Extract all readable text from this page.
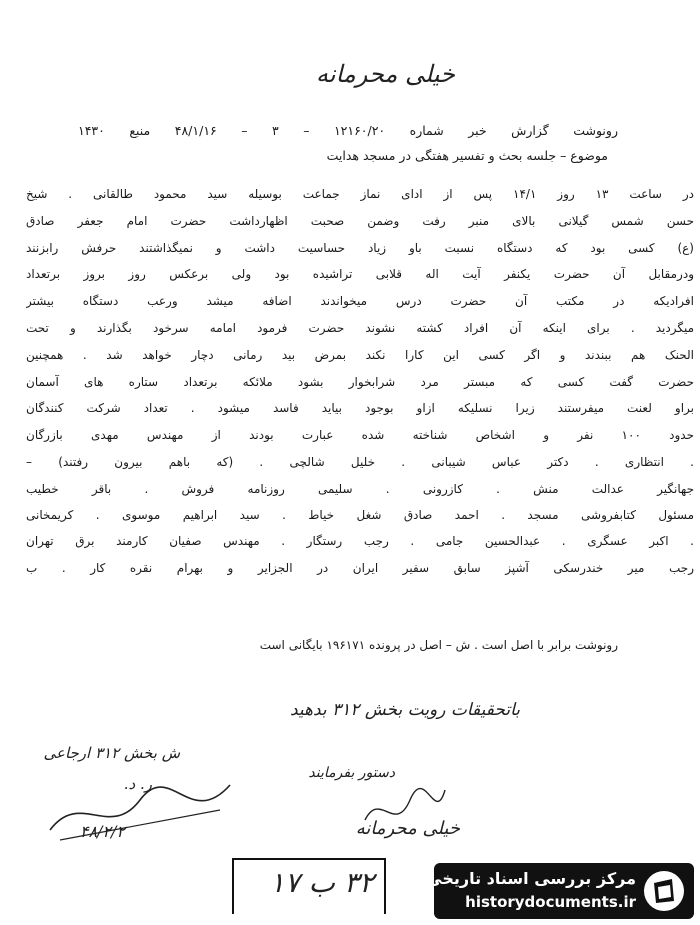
خیلی محرمانه
رونوشت گزارش خبر شماره ۱۲۱۶۰/۲۰ – ۳ – ۴۸/۱/۱۶ منبع ۱۴۳۰
موضوع – جلسه بحث و تفسیر هفتگی در مسجد هدایت
در ساعت ۱۳ روز ۱۴/۱ پس از ادای نماز جماعت بوسیله سید محمود طالقانی . شیخ
حسن شمس گیلانی بالای منبر رفت وضمن صحبت اظهارداشت حضرت امام جعفر صادق
(ع) کسی بود که دستگاه نسبت باو زیاد حساسیت داشت و نمیگذاشتند حرفش رابزنند
ودرمقابل آن حضرت یکنفر آیت اله قلابی تراشیده بود ولی برعکس روز بروز برتعداد
افرادیکه در مکتب آن حضرت درس میخواندند اضافه میشد ورعب دستگاه بیشتر
میگردید . برای اینکه آن افراد کشته نشوند حضرت فرمود امامه سرخود بگذارند و تحت
الحنک هم ببندند و اگر کسی این کارا نکند بمرض بید رمانی دچار خواهد شد . همچنین
حضرت گفت کسی که مبستر مرد شرابخوار بشود ملائکه برتعداد ستاره های آسمان
براو لعنت میفرستند زیرا نسلیکه ازاو بوجود بیاید فاسد میشود . تعداد شرکت کنندگان
حدود ۱۰۰ نفر و اشخاص شناخته شده عبارت بودند از مهندس مهدی بازرگان
. انتظاری . دکتر عباس شیبانی . خلیل شالچی . (که باهم بیرون رفتند) –
جهانگیر عدالت منش . کازرونی . سلیمی روزنامه فروش . باقر خطیب
مسئول کتابفروشی مسجد . احمد صادق شغل خیاط . سید ابراهیم موسوی . کریمخانی
. اکبر عسگری . عبدالحسین جامی . رجب رستگار . مهندس صفیان کارمند برق تهران
رجب میر خندرسکی آشپز سابق سفیر ایران در الجزایر و بهرام نقره کار . ب
رونوشت برابر با اصل است . ش – اصل در پرونده ۱۹۶۱۷۱ بایگانی است
باتحقیقات رویت بخش ۳۱۲ بدهید
ش بخش ۳۱۲ ارجاعی
ر. د.
۴۸/۲/۲
دستور بفرمایند
خیلی محرمانه
۳۲ ب ۱۷	مرکز بررسی اسناد تاریخی
historydocuments.ir
